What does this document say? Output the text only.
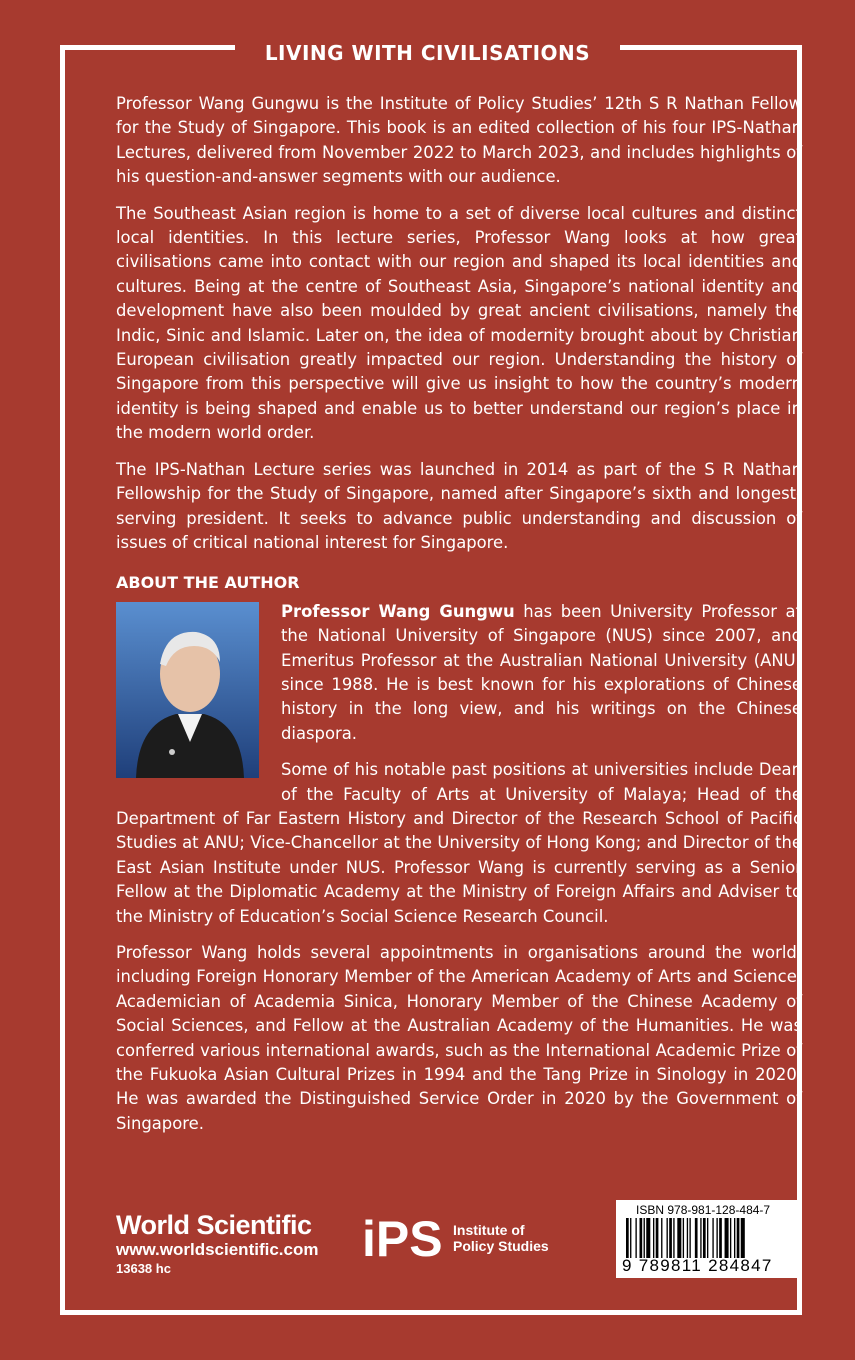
LIVING WITH CIVILISATIONS

Professor Wang Gungwu is the Institute of Policy Studies’ 12th S R Nathan Fellow for the Study of Singapore. This book is an edited collection of his four IPS-Nathan Lectures, delivered from November 2022 to March 2023, and includes highlights of his question-and-answer segments with our audience.

The Southeast Asian region is home to a set of diverse local cultures and distinct local identities. In this lecture series, Professor Wang looks at how great civilisations came into contact with our region and shaped its local identities and cultures. Being at the centre of Southeast Asia, Singapore’s national identity and development have also been moulded by great ancient civilisations, namely the Indic, Sinic and Islamic. Later on, the idea of modernity brought about by Christian European civilisation greatly impacted our region. Understanding the history of Singapore from this perspective will give us insight to how the country’s modern identity is being shaped and enable us to better understand our region’s place in the modern world order.

The IPS-Nathan Lecture series was launched in 2014 as part of the S R Nathan Fellowship for the Study of Singapore, named after Singapore’s sixth and longest-serving president. It seeks to advance public understanding and discussion of issues of critical national interest for Singapore.

ABOUT THE AUTHOR

Professor Wang Gungwu has been University Professor at the National University of Singapore (NUS) since 2007, and Emeritus Professor at the Australian National University (ANU) since 1988. He is best known for his explorations of Chinese history in the long view, and his writings on the Chinese diaspora.

Some of his notable past positions at universities include Dean of the Faculty of Arts at University of Malaya; Head of the Department of Far Eastern History and Director of the Research School of Pacific Studies at ANU; Vice-Chancellor at the University of Hong Kong; and Director of the East Asian Institute under NUS. Professor Wang is currently serving as a Senior Fellow at the Diplomatic Academy at the Ministry of Foreign Affairs and Adviser to the Ministry of Education’s Social Science Research Council.

Professor Wang holds several appointments in organisations around the world, including Foreign Honorary Member of the American Academy of Arts and Science, Academician of Academia Sinica, Honorary Member of the Chinese Academy of Social Sciences, and Fellow at the Australian Academy of the Humanities. He was conferred various international awards, such as the International Academic Prize of the Fukuoka Asian Cultural Prizes in 1994 and the Tang Prize in Sinology in 2020. He was awarded the Distinguished Service Order in 2020 by the Government of Singapore.

World Scientific
www.worldscientific.com
13638 hc
iPS Institute of
Policy Studies
ISBN 978-981-128-484-7
9 789811 284847
